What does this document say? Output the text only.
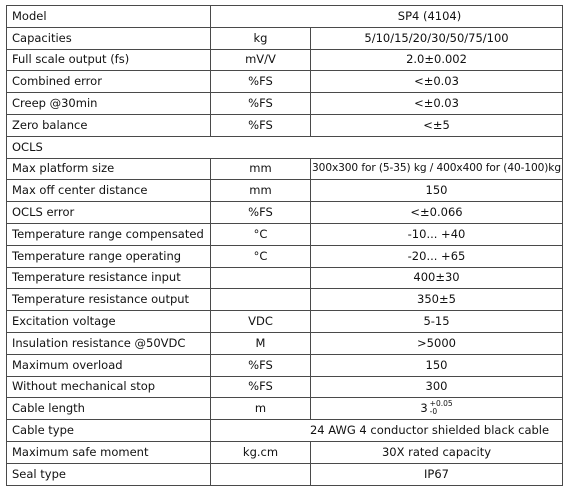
Model	SP4 (4104)	
Capacities	kg	5/10/15/20/30/50/75/100
Full scale output (fs)	mV/V	2.0±0.002
Combined error	%FS	<±0.03
Creep @30min	%FS	<±0.03
Zero balance	%FS	<±5
OCLS		
Max platform size	mm	300x300 for (5-35) kg / 400x400 for (40-100)kg
Max off center distance	mm	150
OCLS error	%FS	<±0.066
Temperature range compensated	°C	-10... +40
Temperature range operating	°C	-20... +65
Temperature resistance input		400±30
Temperature resistance output		350±5
Excitation voltage	VDC	5-15
Insulation resistance @50VDC	M	>5000
Maximum overload	%FS	150
Without mechanical stop	%FS	300
Cable length	m	3 +0.05
-0

Cable type	24 AWG 4 conductor shielded black cable	
Maximum safe moment	kg.cm	30X rated capacity
Seal type		IP67
